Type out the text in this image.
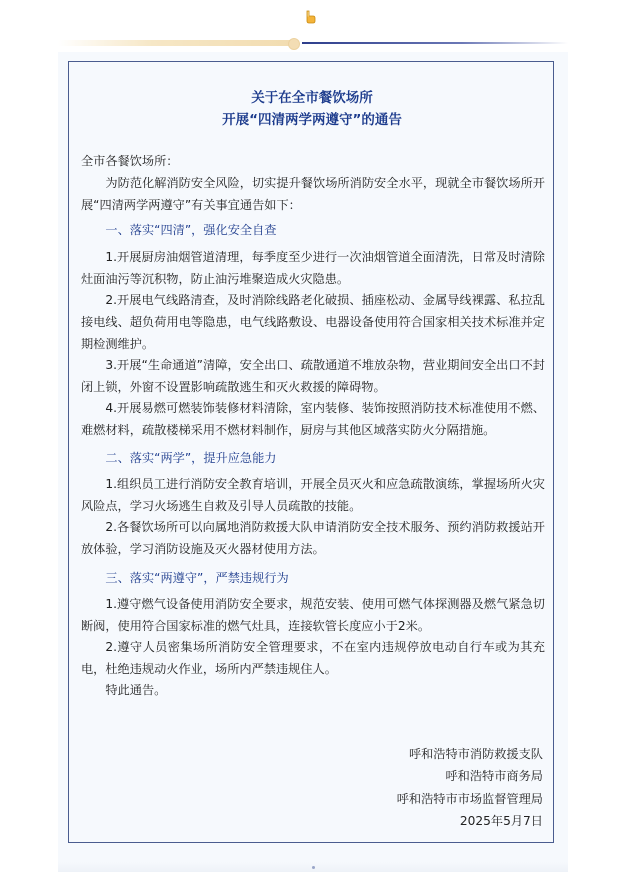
关于在全市餐饮场所
开展“四清两学两遵守”的通告
全市各餐饮场所：
为防范化解消防安全风险，切实提升餐饮场所消防安全水平，现就全市餐饮场所开展“四清两学两遵守”有关事宜通告如下：
一、落实“四清”，强化安全自查
1.开展厨房油烟管道清理，每季度至少进行一次油烟管道全面清洗，日常及时清除灶面油污等沉积物，防止油污堆聚造成火灾隐患。
2.开展电气线路清查，及时消除线路老化破损、插座松动、金属导线裸露、私拉乱接电线、超负荷用电等隐患，电气线路敷设、电器设备使用符合国家相关技术标准并定期检测维护。
3.开展“生命通道”清障，安全出口、疏散通道不堆放杂物，营业期间安全出口不封闭上锁，外窗不设置影响疏散逃生和灭火救援的障碍物。
4.开展易燃可燃装饰装修材料清除，室内装修、装饰按照消防技术标准使用不燃、难燃材料，疏散楼梯采用不燃材料制作，厨房与其他区域落实防火分隔措施。
二、落实“两学”，提升应急能力
1.组织员工进行消防安全教育培训，开展全员灭火和应急疏散演练，掌握场所火灾风险点，学习火场逃生自救及引导人员疏散的技能。
2.各餐饮场所可以向属地消防救援大队申请消防安全技术服务、预约消防救援站开放体验，学习消防设施及灭火器材使用方法。
三、落实“两遵守”，严禁违规行为
1.遵守燃气设备使用消防安全要求，规范安装、使用可燃气体探测器及燃气紧急切断阀，使用符合国家标准的燃气灶具，连接软管长度应小于2米。
2.遵守人员密集场所消防安全管理要求，不在室内违规停放电动自行车或为其充电，杜绝违规动火作业，场所内严禁违规住人。
特此通告。
呼和浩特市消防救援支队
呼和浩特市商务局
呼和浩特市市场监督管理局
2025年5月7日
